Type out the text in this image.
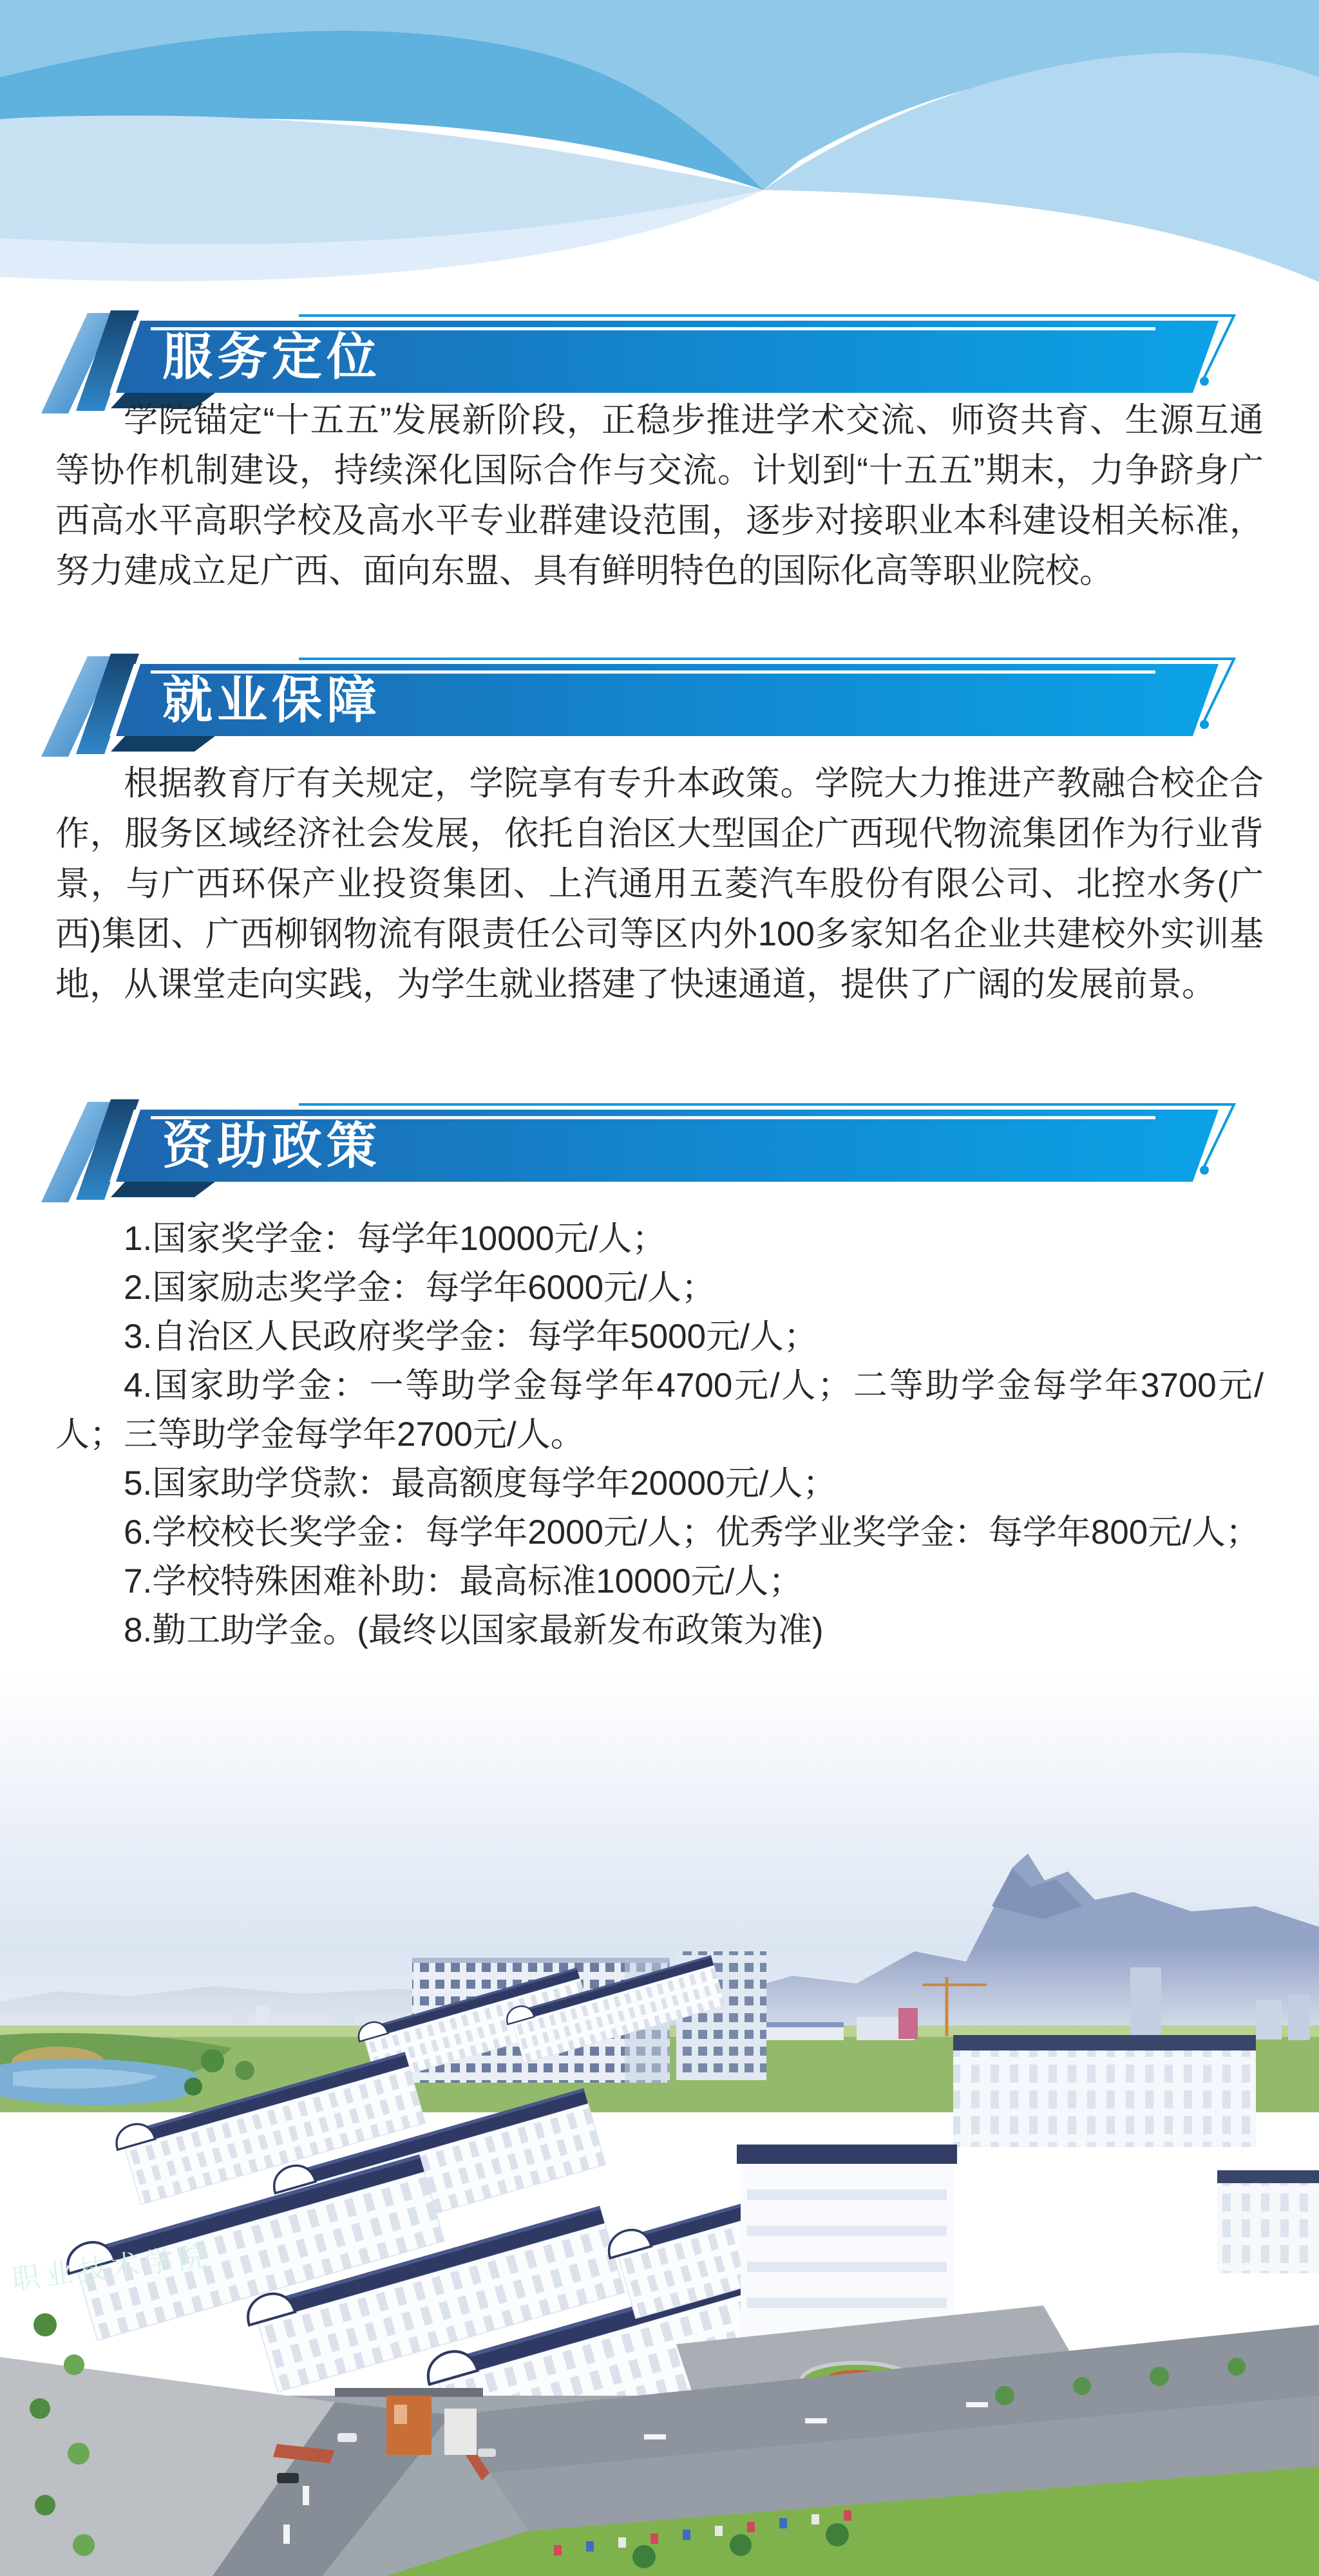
服务定位
学院锚定“十五五”发展新阶段，正稳步推进学术交流、师资共育、生源互通等协作机制建设，持续深化国际合作与交流。计划到“十五五”期末，力争跻身广西高水平高职学校及高水平专业群建设范围，逐步对接职业本科建设相关标准，努力建成立足广西、面向东盟、具有鲜明特色的国际化高等职业院校。
就业保障
根据教育厅有关规定，学院享有专升本政策。学院大力推进产教融合校企合作，服务区域经济社会发展，依托自治区大型国企广西现代物流集团作为行业背景，与广西环保产业投资集团、上汽通用五菱汽车股份有限公司、北控水务(广西)集团、广西柳钢物流有限责任公司等区内外100多家知名企业共建校外实训基地，从课堂走向实践，为学生就业搭建了快速通道，提供了广阔的发展前景。
资助政策

1.国家奖学金：每学年10000元/人；

2.国家励志奖学金：每学年6000元/人；

3.自治区人民政府奖学金：每学年5000元/人；

4.国家助学金：一等助学金每学年4700元/人；二等助学金每学年3700元/人；三等助学金每学年2700元/人。

5.国家助学贷款：最高额度每学年20000元/人；

6.学校校长奖学金：每学年2000元/人；优秀学业奖学金：每学年800元/人；

7.学校特殊困难补助：最高标准10000元/人；

8.勤工助学金。(最终以国家最新发布政策为准)

职业技术学院
